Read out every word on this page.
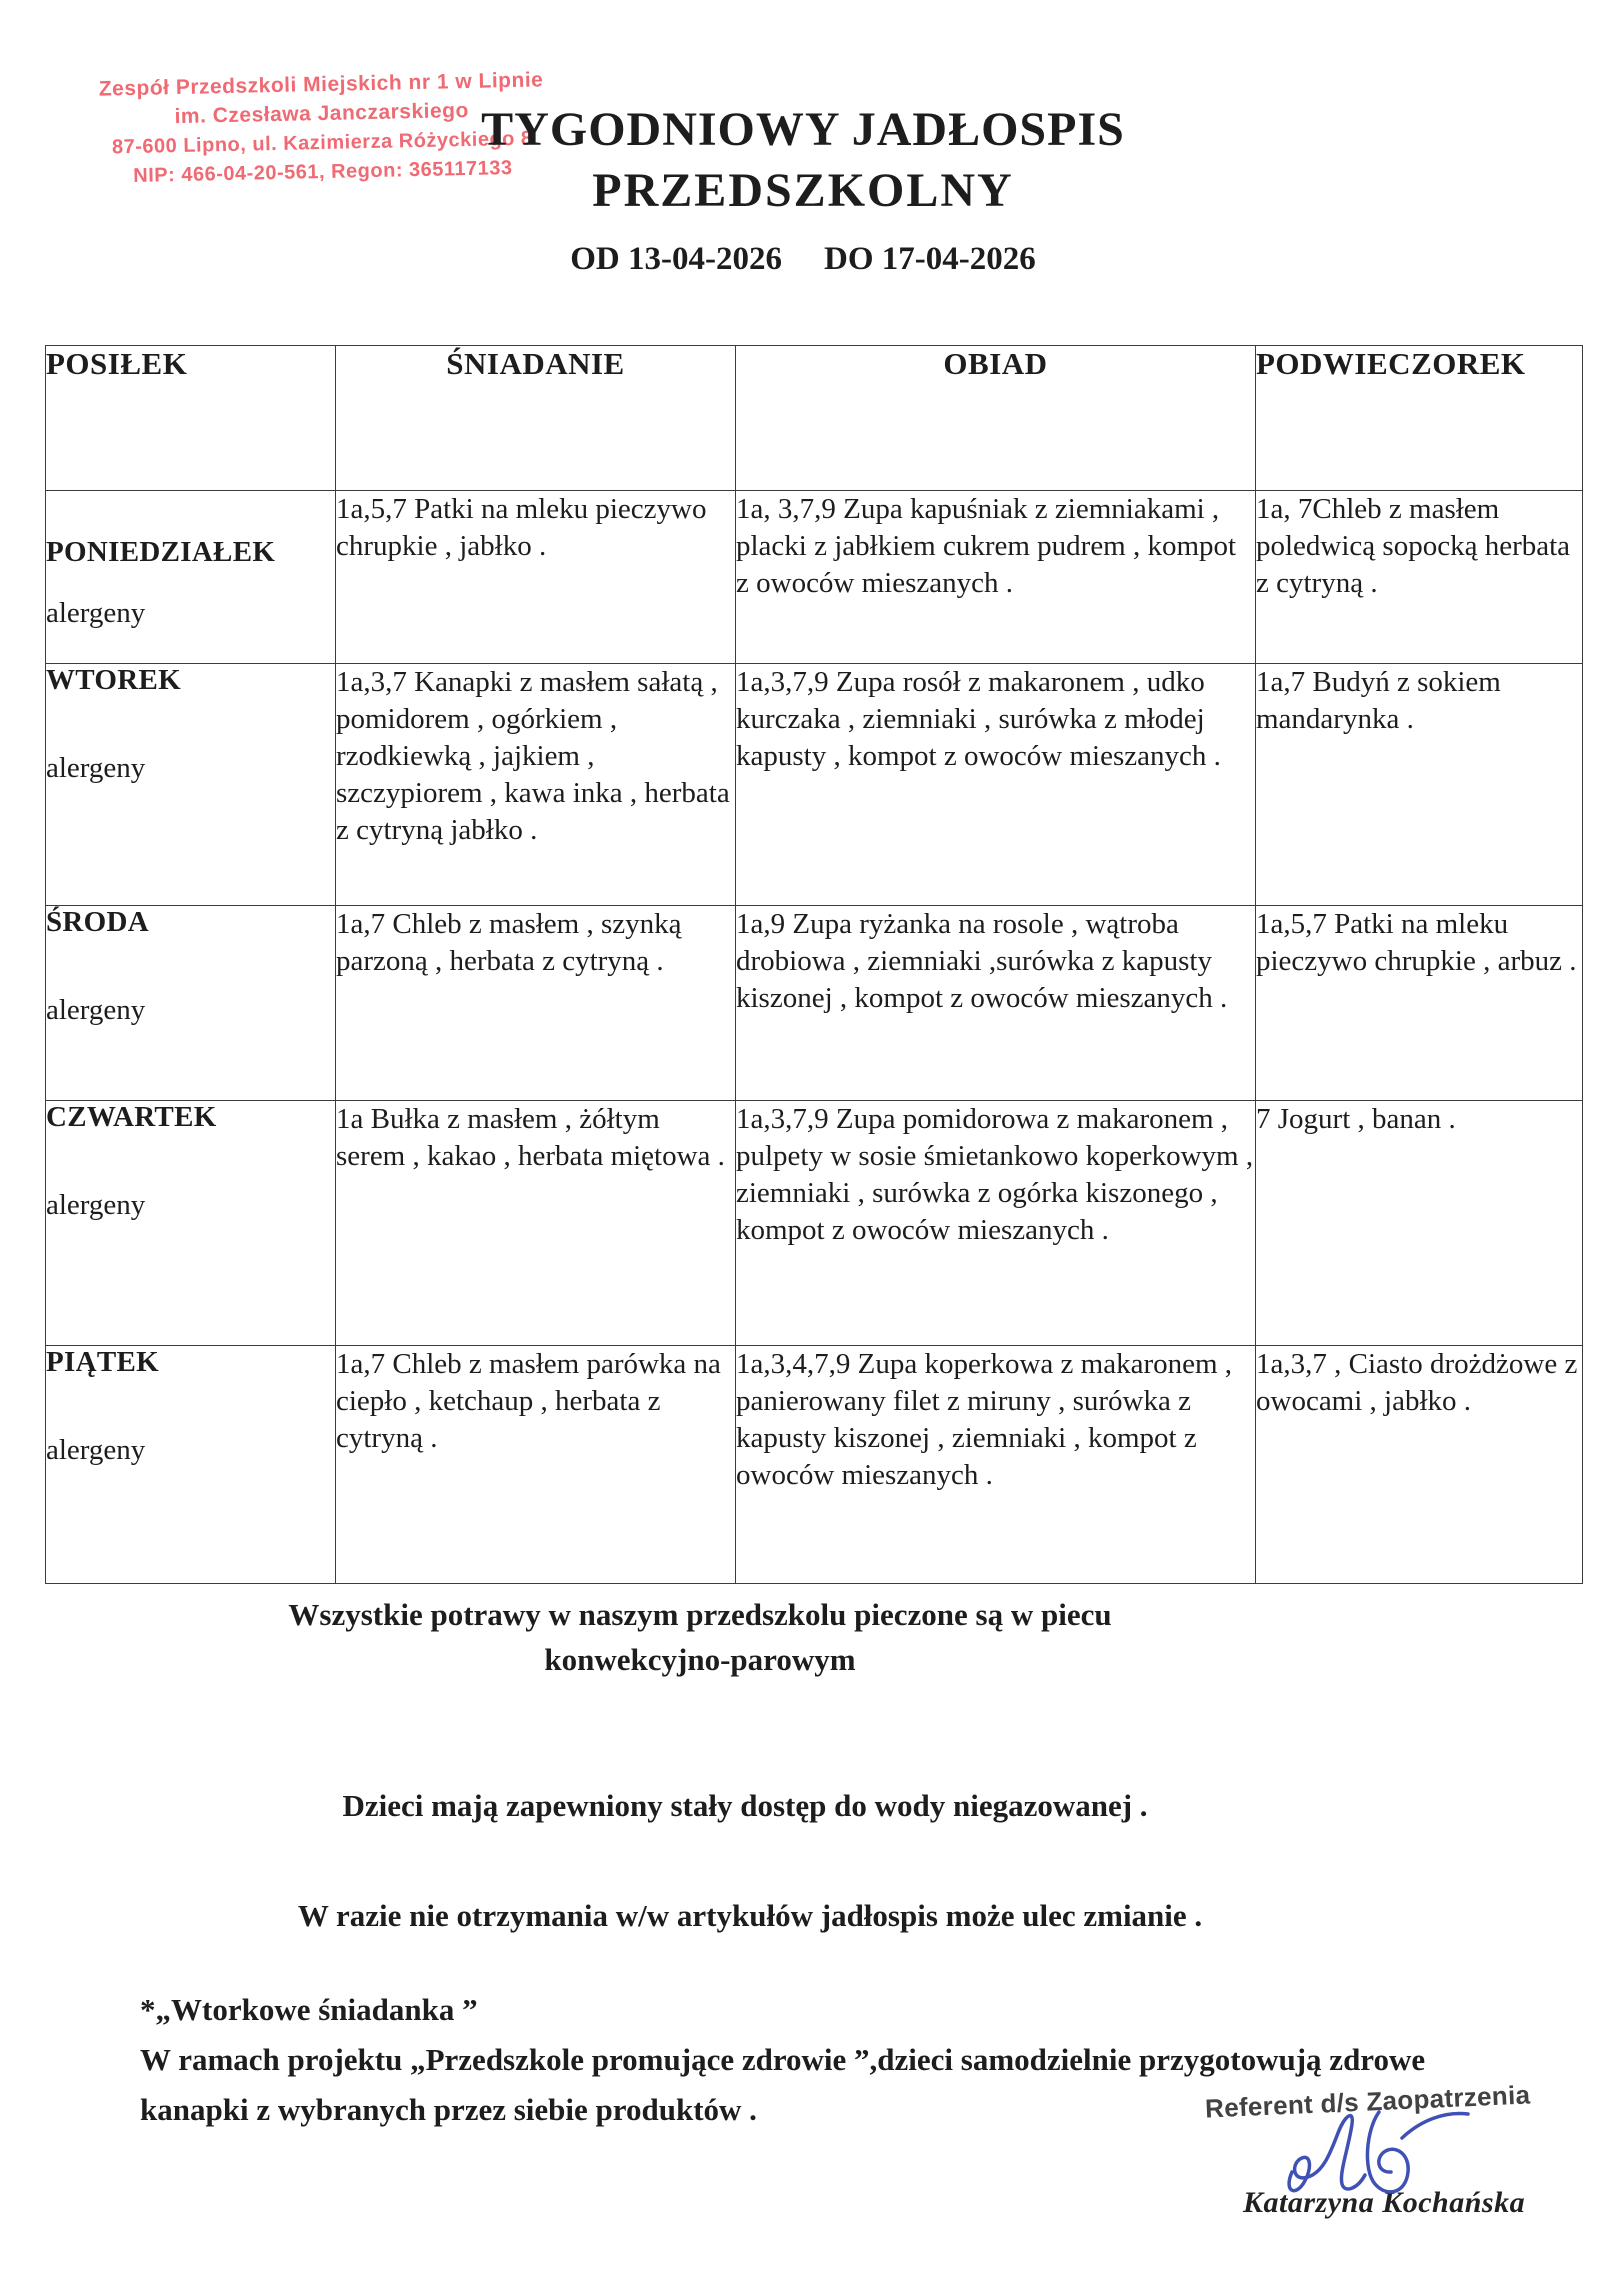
Zespół Przedszkoli Miejskich nr 1 w Lipnie
im. Czesława Janczarskiego
87-600 Lipno, ul. Kazimierza Różyckiego 8
NIP: 466-04-20-561, Regon: 365117133
TYGODNIOWY JADŁOSPIS
PRZEDSZKOLNY
OD 13-04-2026 DO 17-04-2026
POSIŁEK	ŚNIADANIE	OBIAD	PODWIECZOREK

PONIEDZIAŁEK
alergeny	1a,5,7 Patki na mleku pieczywo chrupkie , jabłko .	1a, 3,7,9 Zupa kapuśniak z ziemniakami , placki z jabłkiem cukrem pudrem , kompot z owoców mieszanych .	1a, 7Chleb z masłem poledwicą sopocką herbata z cytryną .

WTOREK
alergeny	1a,3,7 Kanapki z masłem sałatą , pomidorem , ogórkiem , rzodkiewką , jajkiem , szczypiorem , kawa inka , herbata z cytryną jabłko .	1a,3,7,9 Zupa rosół z makaronem , udko kurczaka , ziemniaki , surówka z młodej kapusty , kompot z owoców mieszanych .	1a,7 Budyń z sokiem mandarynka .

ŚRODA
alergeny	1a,7 Chleb z masłem , szynką parzoną , herbata z cytryną .	1a,9 Zupa ryżanka na rosole , wątroba drobiowa , ziemniaki ,surówka z kapusty kiszonej , kompot z owoców mieszanych .	1a,5,7 Patki na mleku pieczywo chrupkie , arbuz .

CZWARTEK
alergeny	1a Bułka z masłem , żółtym serem , kakao , herbata miętowa .	1a,3,7,9 Zupa pomidorowa z makaronem , pulpety w sosie śmietankowo koperkowym , ziemniaki , surówka z ogórka kiszonego , kompot z owoców mieszanych .	7 Jogurt , banan .

PIĄTEK
alergeny	1a,7 Chleb z masłem parówka na ciepło , ketchaup , herbata z cytryną .	1a,3,4,7,9 Zupa koperkowa z makaronem , panierowany filet z miruny , surówka z kapusty kiszonej , ziemniaki , kompot z owoców mieszanych .	1a,3,7 , Ciasto drożdżowe z owocami , jabłko .
Wszystkie potrawy w naszym przedszkolu pieczone są w piecu konwekcyjno-parowym
Dzieci mają zapewniony stały dostęp do wody niegazowanej .
W razie nie otrzymania w/w artykułów jadłospis może ulec zmianie .
*„Wtorkowe śniadanka ”
W ramach projektu „Przedszkole promujące zdrowie ”,dzieci samodzielnie przygotowują zdrowe kanapki z wybranych przez siebie produktów .	Referent d/s Zaopatrzenia
Katarzyna Kochańska
